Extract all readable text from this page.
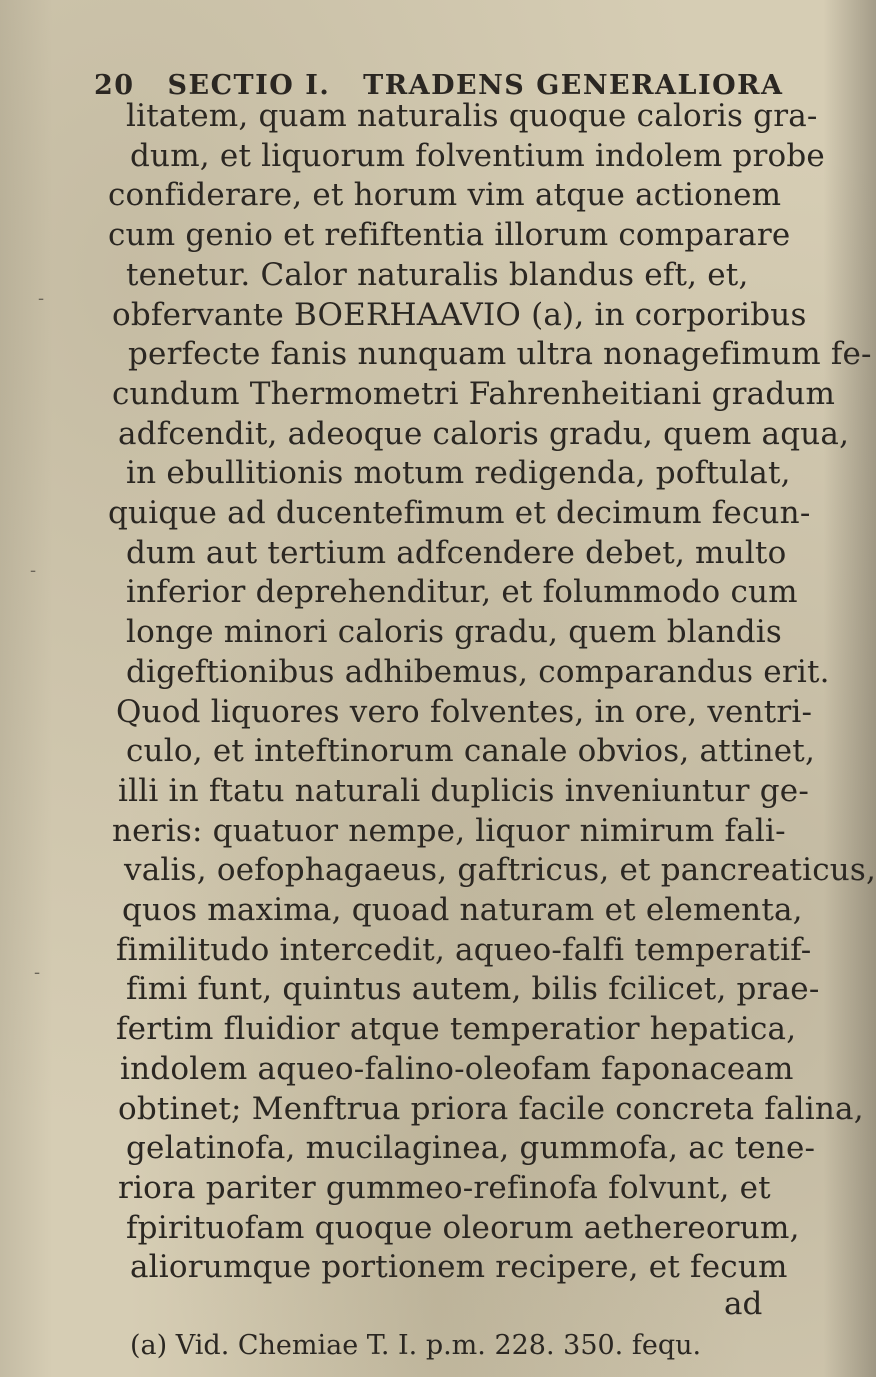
20 SECTIO I. TRADENS GENERALIORA
litatem, quam naturalis quoque caloris gra-
dum, et liquorum folventium indolem probe
confiderare, et horum vim atque actionem
cum genio et refiftentia illorum comparare
tenetur. Calor naturalis blandus eft, et,
obfervante BOERHAAVIO (a), in corporibus
perfecte fanis nunquam ultra nonagefimum fe-
cundum Thermometri Fahrenheitiani gradum
adfcendit, adeoque caloris gradu, quem aqua,
in ebullitionis motum redigenda, poftulat,
quique ad ducentefimum et decimum fecun-
dum aut tertium adfcendere debet, multo
inferior deprehenditur, et folummodo cum
longe minori caloris gradu, quem blandis
digeftionibus adhibemus, comparandus erit.
Quod liquores vero folventes, in ore, ventri-
culo, et inteftinorum canale obvios, attinet,
illi in ftatu naturali duplicis inveniuntur ge-
neris: quatuor nempe, liquor nimirum fali-
valis, oefophagaeus, gaftricus, et pancreaticus,
quos maxima, quoad naturam et elementa,
fimilitudo intercedit, aqueo-falfi temperatif-
fimi funt, quintus autem, bilis fcilicet, prae-
fertim fluidior atque temperatior hepatica,
indolem aqueo-falino-oleofam faponaceam
obtinet; Menftrua priora facile concreta falina,
gelatinofa, mucilaginea, gummofa, ac tene-
riora pariter gummeo-refinofa folvunt, et
fpirituofam quoque oleorum aethereorum,
aliorumque portionem recipere, et fecum
ad
(a) Vid. Chemiae T. I. p.m. 228. 350. fequ.
-
-
-
